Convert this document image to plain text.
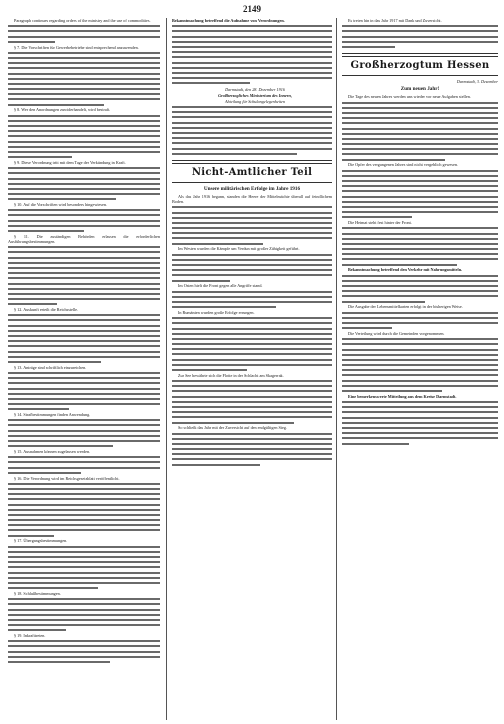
2149

Paragraph continues regarding orders of the ministry and the use of commodities.

§ 7. Die Vorschriften für Gewerbebetriebe sind entsprechend anzuwenden.

§ 8. Wer den Anordnungen zuwiderhandelt, wird bestraft.

§ 9. Diese Verordnung tritt mit dem Tage der Verkündung in Kraft.

§ 10. Auf die Vorschriften wird besonders hingewiesen.

§ 11. Die zuständigen Behörden erlassen die erforderlichen Ausführungsbestimmungen.

§ 12. Auskunft erteilt die Reichsstelle.

§ 13. Anträge sind schriftlich einzureichen.

§ 14. Strafbestimmungen finden Anwendung.

§ 15. Ausnahmen können zugelassen werden.

§ 16. Die Verordnung wird im Reichsgesetzblatt veröffentlicht.

§ 17. Übergangsbestimmungen.

§ 18. Schlußbestimmungen.

§ 19. Inkrafttreten.

Bekanntmachung betreffend die Aufnahme von Verordnungen.

Darmstadt, den 28. Dezember 1916

Großherzogliches Ministerium des Innern,

Abteilung für Schulangelegenheiten

Nicht-Amtlicher Teil
Unsere militärischen Erfolge im Jahre 1916

Als das Jahr 1916 begann, standen die Heere der Mittelmächte überall auf feindlichem Boden.

Im Westen wurden die Kämpfe um Verdun mit großer Zähigkeit geführt.

Im Osten hielt die Front gegen alle Angriffe stand.

In Rumänien wurden große Erfolge errungen.

Zur See bewährte sich die Flotte in der Schlacht am Skagerrak.

So schließt das Jahr mit der Zuversicht auf den endgültigen Sieg.

Es treten hin in das Jahr 1917 mit Dank und Zuversicht.

Großherzogtum Hessen

Darmstadt, 3. Dezember

Zum neuen Jahr!

Die Tage des neuen Jahres werden uns wieder vor neue Aufgaben stellen.

Die Opfer des vergangenen Jahres sind nicht vergeblich gewesen.

Die Heimat steht fest hinter der Front.

Bekanntmachung betreffend den Verkehr mit Nahrungsmitteln.

Die Ausgabe der Lebensmittelkarten erfolgt in der bisherigen Weise.

Die Verteilung wird durch die Gemeinden vorgenommen.

Eine bemerkenswerte Mitteilung aus dem Kreise Darmstadt.
